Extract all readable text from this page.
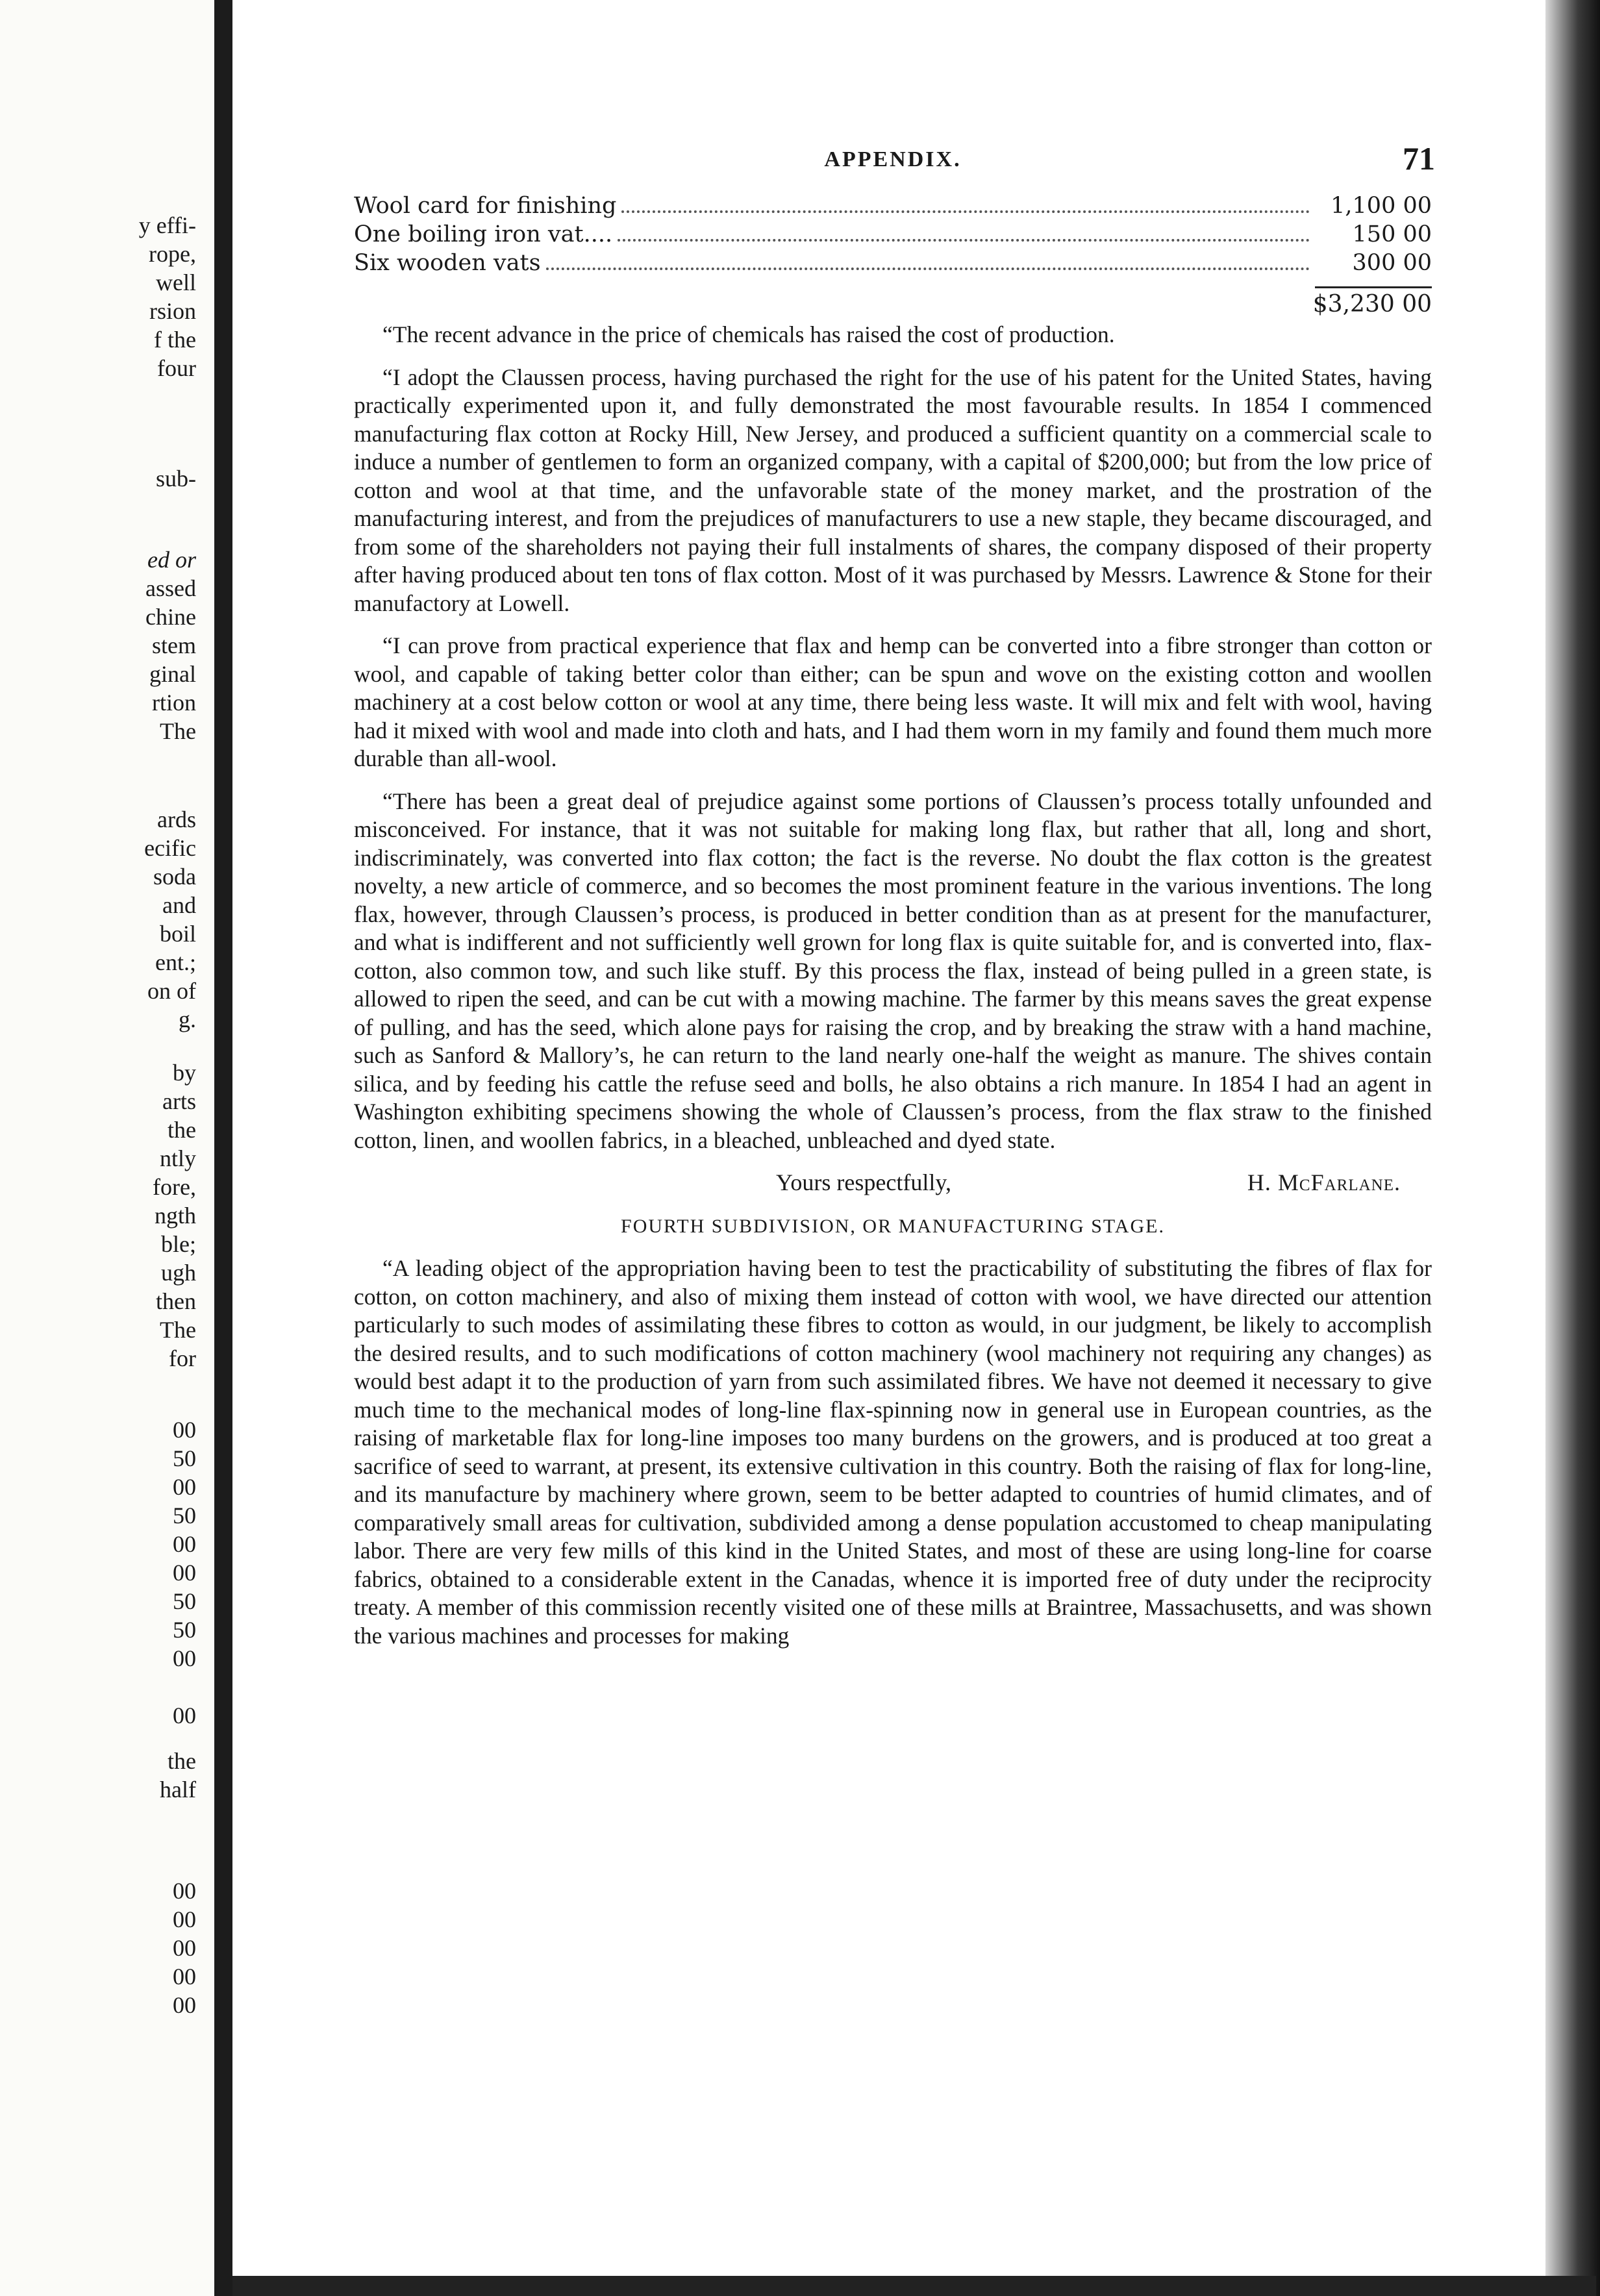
y effi-
rope,
well
rsion
f the
four
sub-
ed or
assed
chine
stem
ginal
rtion
The
ards
ecific
soda
and
boil
ent.;
on of
g.
by
arts
the
ntly
fore,
ngth
ble;
ugh
then
The
for
00
50
00
50
00
00
50
50
00
00
the
half
00
00
00
00
00
APPENDIX.	71
Wool card for finishing	1,100 00
One boiling iron vat....	150 00
Six wooden vats	300 00
$3,230 00

“The recent advance in the price of chemicals has raised the cost of production.

“I adopt the Claussen process, having purchased the right for the use of his patent for the United States, having practically experimented upon it, and fully demonstrated the most favourable results. In 1854 I commenced manufacturing flax cotton at Rocky Hill, New Jersey, and produced a sufficient quantity on a commercial scale to induce a number of gentlemen to form an organized company, with a capital of $200,000; but from the low price of cotton and wool at that time, and the unfavorable state of the money market, and the prostration of the manufacturing interest, and from the prejudices of manufacturers to use a new staple, they became discouraged, and from some of the shareholders not paying their full instalments of shares, the company disposed of their property after having produced about ten tons of flax cotton. Most of it was purchased by Messrs. Lawrence & Stone for their manufactory at Lowell.

“I can prove from practical experience that flax and hemp can be converted into a fibre stronger than cotton or wool, and capable of taking better color than either; can be spun and wove on the existing cotton and woollen machinery at a cost below cotton or wool at any time, there being less waste. It will mix and felt with wool, having had it mixed with wool and made into cloth and hats, and I had them worn in my family and found them much more durable than all-wool.

“There has been a great deal of prejudice against some portions of Claussen’s process totally unfounded and misconceived. For instance, that it was not suitable for making long flax, but rather that all, long and short, indiscriminately, was converted into flax cotton; the fact is the reverse. No doubt the flax cotton is the greatest novelty, a new article of commerce, and so becomes the most prominent feature in the various inventions. The long flax, however, through Claussen’s process, is produced in better condition than as at present for the manufacturer, and what is indifferent and not sufficiently well grown for long flax is quite suitable for, and is converted into, flax-cotton, also common tow, and such like stuff. By this process the flax, instead of being pulled in a green state, is allowed to ripen the seed, and can be cut with a mowing machine. The farmer by this means saves the great expense of pulling, and has the seed, which alone pays for raising the crop, and by breaking the straw with a hand machine, such as Sanford & Mallory’s, he can return to the land nearly one-half the weight as manure. The shives contain silica, and by feeding his cattle the refuse seed and bolls, he also obtains a rich manure. In 1854 I had an agent in Washington exhibiting specimens showing the whole of Claussen’s process, from the flax straw to the finished cotton, linen, and woollen fabrics, in a bleached, unbleached and dyed state.

Yours respectfully,	H. McFarlane.
FOURTH SUBDIVISION, OR MANUFACTURING STAGE.

“A leading object of the appropriation having been to test the practicability of substituting the fibres of flax for cotton, on cotton machinery, and also of mixing them instead of cotton with wool, we have directed our attention particularly to such modes of assimilating these fibres to cotton as would, in our judgment, be likely to accomplish the desired results, and to such modifications of cotton machinery (wool machinery not requiring any changes) as would best adapt it to the production of yarn from such assimilated fibres. We have not deemed it necessary to give much time to the mechanical modes of long-line flax-spinning now in general use in European countries, as the raising of marketable flax for long-line imposes too many burdens on the growers, and is produced at too great a sacrifice of seed to warrant, at present, its extensive cultivation in this country. Both the raising of flax for long-line, and its manufacture by machinery where grown, seem to be better adapted to countries of humid climates, and of comparatively small areas for cultivation, subdivided among a dense population accustomed to cheap manipulating labor. There are very few mills of this kind in the United States, and most of these are using long-line for coarse fabrics, obtained to a considerable extent in the Canadas, whence it is imported free of duty under the reciprocity treaty. A member of this commission recently visited one of these mills at Braintree, Massachusetts, and was shown the various machines and processes for making
